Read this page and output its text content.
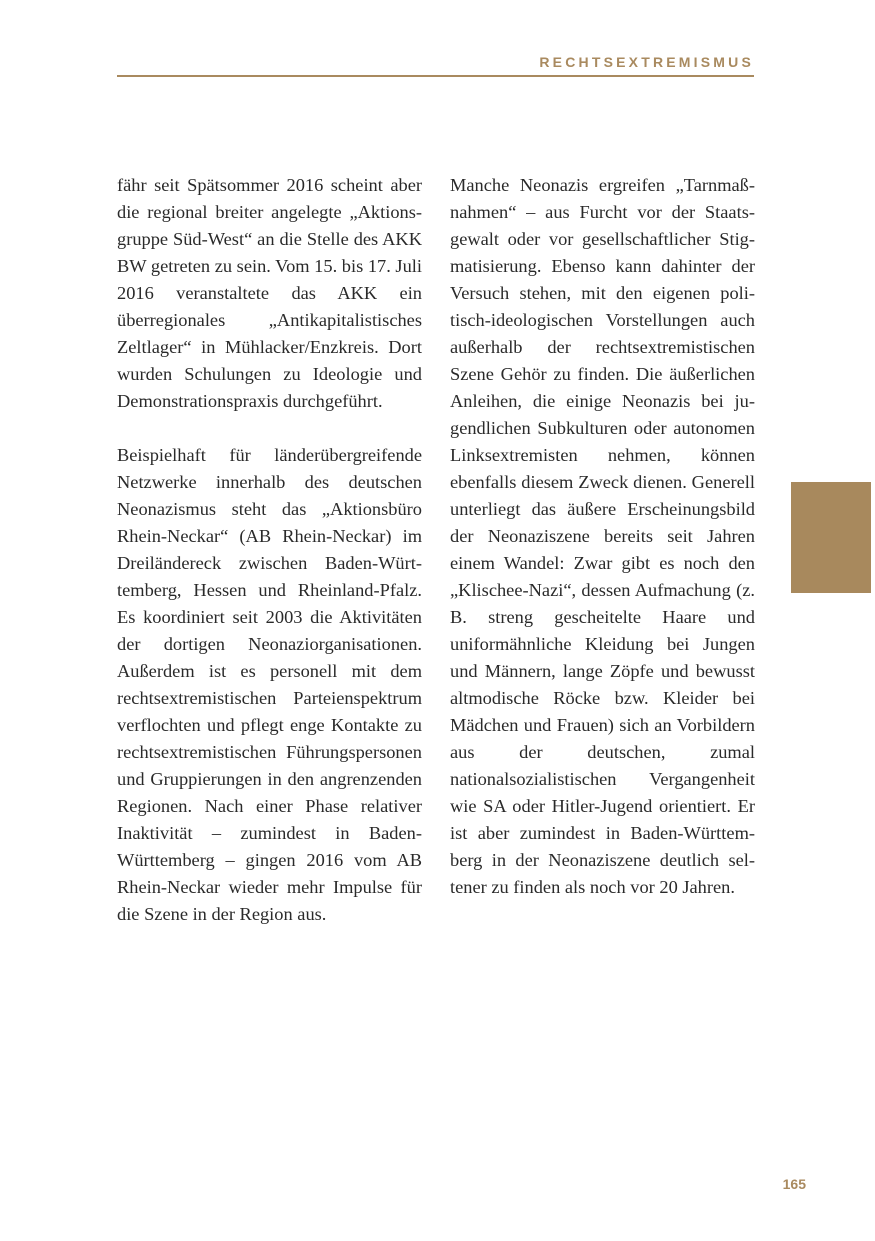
RECHTSEXTREMISMUS

fähr seit Spätsommer 2016 scheint aber die regional breiter angelegte „Aktionsgruppe Süd-West“ an die Stelle des AKK BW getreten zu sein. Vom 15. bis 17. Juli 2016 veranstaltete das AKK ein überregionales „Antikapitalistisches Zeltlager“ in Mühlacker/Enzkreis. Dort wurden Schulungen zu Ideologie und Demonstrationspraxis durchgeführt.

Beispielhaft für länderübergreifende Netzwerke innerhalb des deutschen Neonazismus steht das „Aktionsbüro Rhein-Neckar“ (AB Rhein-Neckar) im Dreiländereck zwischen Baden-Württemberg, Hessen und Rheinland-Pfalz. Es koordiniert seit 2003 die Aktivitäten der dortigen Neonaziorganisationen. Außerdem ist es personell mit dem rechtsextremistischen Parteienspektrum verflochten und pflegt enge Kontakte zu rechtsextremistischen Führungspersonen und Gruppierungen in den angrenzenden Regionen. Nach einer Phase relativer Inaktivität – zumindest in Baden-Württemberg – gingen 2016 vom AB Rhein-Neckar wieder mehr Impulse für die Szene in der Region aus.

Manche Neonazis ergreifen „Tarnmaßnahmen“ – aus Furcht vor der Staatsgewalt oder vor gesellschaftlicher Stigmatisierung. Ebenso kann dahinter der Versuch stehen, mit den eigenen politisch-ideologischen Vorstellungen auch außerhalb der rechtsextremistischen Szene Gehör zu finden. Die äußerlichen Anleihen, die einige Neonazis bei jugendlichen Subkulturen oder autonomen Linksextremisten nehmen, können ebenfalls diesem Zweck dienen. Generell unterliegt das äußere Erscheinungsbild der Neonaziszene bereits seit Jahren einem Wandel: Zwar gibt es noch den „Klischee-Nazi“, dessen Aufmachung (z. B. streng gescheitelte Haare und uniformähnliche Kleidung bei Jungen und Männern, lange Zöpfe und bewusst altmodische Röcke bzw. Kleider bei Mädchen und Frauen) sich an Vorbildern aus der deutschen, zumal nationalsozialistischen Vergangenheit wie SA oder Hitler-Jugend orientiert. Er ist aber zumindest in Baden-Württemberg in der Neonaziszene deutlich seltener zu finden als noch vor 20 Jahren.

165
